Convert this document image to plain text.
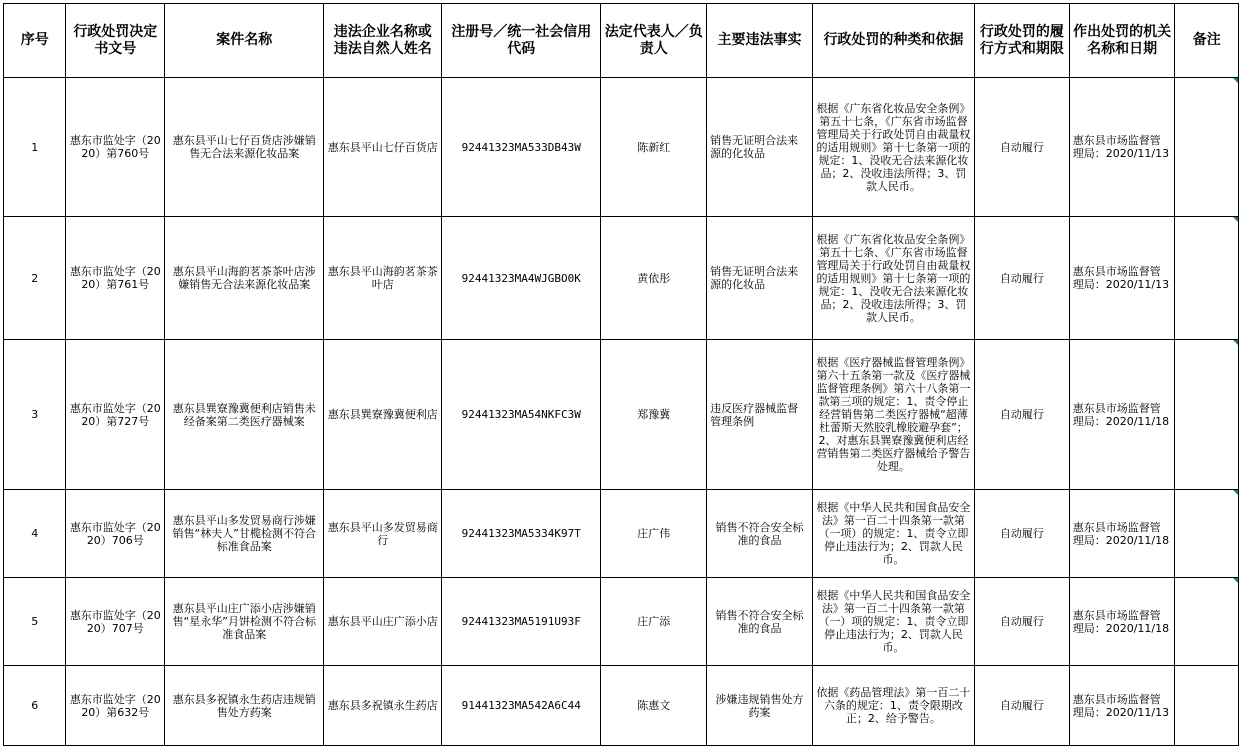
序号	行政处罚决定书文号	案件名称	违法企业名称或违法自然人姓名	注册号／统一社会信用代码	法定代表人／负责人	主要违法事实	行政处罚的种类和依据	行政处罚的履行方式和期限	作出处罚的机关名称和日期	备注
1	惠东市监处字（2020）第760号	惠东县平山七仔百货店涉嫌销售无合法来源化妆品案	惠东县平山七仔百货店	92441323MA533DB43W	陈新红	销售无证明合法来源的化妆品	根据《广东省化妆品安全条例》第五十七条，《广东省市场监督管理局关于行政处罚自由裁量权的适用规则》第十七条第一项的规定：1、没收无合法来源化妆品；2、没收违法所得；3、罚款人民币。	自动履行	惠东县市场监督管理局：2020/11/13	

2	惠东市监处字（2020）第761号	惠东县平山海韵茗茶茶叶店涉嫌销售无合法来源化妆品案	惠东县平山海韵茗茶茶叶店	92441323MA4WJGBO0K	黄依彤	销售无证明合法来源的化妆品	根据《广东省化妆品安全条例》第五十七条、《广东省市场监督管理局关于行政处罚自由裁量权的适用规则》第十七条第一项的规定：1、没收无合法来源化妆品；2、没收违法所得；3、罚款人民币。	自动履行	惠东县市场监督管理局：2020/11/13	

3	惠东市监处字（2020）第727号	惠东县巽寮豫冀便利店销售未经备案第二类医疗器械案	惠东县巽寮豫冀便利店	92441323MA54NKFC3W	郑豫冀	违反医疗器械监督管理条例	根据《医疗器械监督管理条例》第六十五条第一款及《医疗器械监督管理条例》第六十八条第一款第三项的规定：1、责令停止经营销售第二类医疗器械“超薄杜蕾斯天然胶乳橡胶避孕套”；2、对惠东县巽寮豫冀便利店经营销售第二类医疗器械给予警告处理。	自动履行	惠东县市场监督管理局：2020/11/18	

4	惠东市监处字（2020）706号	惠东县平山多发贸易商行涉嫌销售“林夫人”甘榄检测不符合标准食品案	惠东县平山多发贸易商行	92441323MA5334K97T	庄广伟	销售不符合安全标准的食品	根据《中华人民共和国食品安全法》第一百二十四条第一款第（一项）的规定：1、责令立即停止违法行为；2、罚款人民币。	自动履行	惠东县市场监督管理局：2020/11/18	

5	惠东市监处字（2020）707号	惠东县平山庄广添小店涉嫌销售“星永华”月饼检测不符合标准食品案	惠东县平山庄广添小店	92441323MA5191U93F	庄广添	销售不符合安全标准的食品	根据《中华人民共和国食品安全法》第一百二十四条第一款第（一）项的规定：1、责令立即停止违法行为；2、罚款人民币。	自动履行	惠东县市场监督管理局：2020/11/18	

6	惠东市监处字（2020）第632号	惠东县多祝镇永生药店违规销售处方药案	惠东县多祝镇永生药店	91441323MA542A6C44	陈惠文	涉嫌违规销售处方药案	依据《药品管理法》第一百二十六条的规定：1、责令限期改正；2、给予警告。	自动履行	惠东县市场监督管理局：2020/11/13	
